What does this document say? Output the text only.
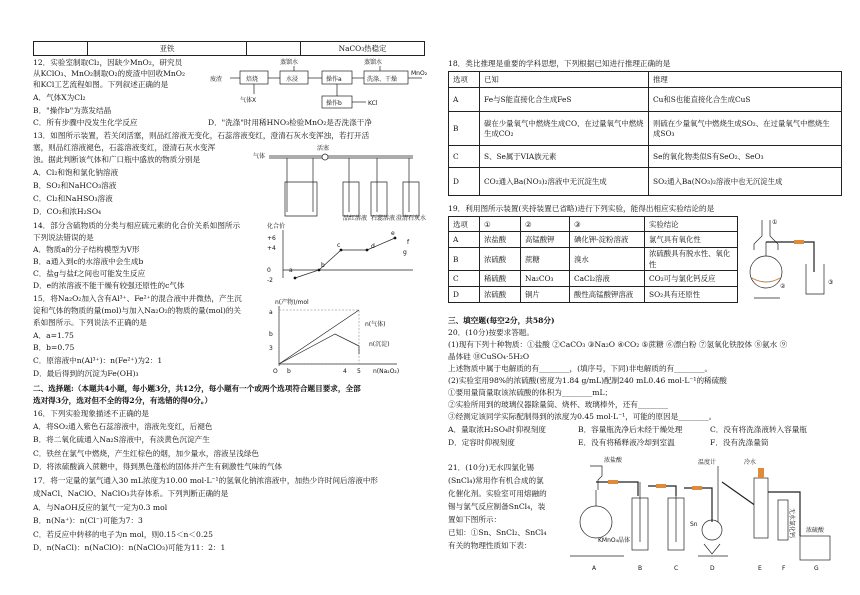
	亚铁		NaCO₃热稳定
12．实验室制取Cl₂，因缺少MnO₂，研究员
从KClO₃、MnO₂制取O₂的废渣中回收MnO₂
和KCl工艺流程如图。下列叙述正确的是
A．气体X为Cl₂
B．"操作b"为蒸发结晶
C．所有步骤中没发生化学反应	D．"洗涤"时用稀HNO₃检验MnO₂是否洗涤干净
废渣	焙烧	水浸	操作a	洗涤、干燥
MnO₂
蒸馏水	蒸馏水
气体X	操作b	KCl
13．如图所示装置，若关闭活塞，则品红溶液无变化，石蕊溶液变红，澄清石灰水变浑浊，若打开活
塞，则品红溶液褪色，石蕊溶液变红，澄清石灰水变浑
浊。据此判断该气体和广口瓶中盛放的物质分别是
A．Cl₂和饱和氯化钠溶液
B．SO₂和NaHCO₃溶液
C．Cl₂和NaHSO₃溶液
D．CO₂和浓H₂SO₄
气体
活塞
品红溶液 石蕊溶液 澄清石灰水
14．部分含硫物质的分类与相应硫元素的化合价关系如图所示
下列说法错误的是
A．物质a的分子结构模型为V形
B．a通入到c的水溶液中会生成b
C．盐g与盐f之间也可能发生反应
D．e的浓溶液不能干燥有较强还原性的c气体
化合价
+6
+4
0
-2
a
b
c	d
e
f
g
15．将Na₂O₂加入含有Al³⁺、Fe²⁺的混合液中并微热，产生沉
淀和气体的物质的量(mol)与加入Na₂O₂的物质的量(mol)的关
系如图所示。下列说法不正确的是
A．a=1.75
B．b=0.75
C．原溶液中n(Al³⁺)：n(Fe²⁺)为2：1
D．最后得到的沉淀为Fe(OH)₃
n(产物)/mol
a
b
3
O b	4 5 n(Na₂O₂)
n(气体)
n(沉淀)
二、选择题:（本题共4小题，每小题3分，共12分，每小题有一个或两个选项符合题目要求，全部
选对得3分，选对但不全的得2分，有选错的得0分。）
16．下列实验现象描述不正确的是
A．将SO₂通入紫色石蕊溶液中，溶液先变红，后褪色
B．将二氧化硫通入Na₂S溶液中，有淡黄色沉淀产生
C．铁丝在氯气中燃烧，产生红棕色的烟，加少量水，溶液呈浅绿色
D．将浓硫酸滴入蔗糖中，得到黑色蓬松的固体并产生有刺激性气味的气体
17．将一定量的氯气通入30 mL浓度为10.00 mol·L⁻¹的氢氧化钠浓溶液中，加热少许时间后溶液中形
成NaCl、NaClO、NaClO₃共存体系。下列判断正确的是
A．与NaOH反应的氯气一定为0.3 mol
B．n(Na⁺)：n(Cl⁻)可能为7：3
C．若反应中转移的电子为n mol，则0.15＜n＜0.25
D．n(NaCl)：n(NaClO)：n(NaClO₃)可能为11：2：1
18．类比推理是重要的学科思想，下列根据已知进行推理正确的是
选项	已知	推理
A	Fe与S能直接化合生成FeS	Cu和S也能直接化合生成CuS
B	碳在少量氧气中燃烧生成CO、在过量氧气中燃烧生成CO₂	则硫在少量氧气中燃烧生成SO₂、在过量氧气中燃烧生成SO₃
C	S、Se属于VIA族元素	Se的氧化物类似S有SeO₂、SeO₃
D	CO₂通入Ba(NO₃)₂溶液中无沉淀生成	SO₂通入Ba(NO₃)₂溶液中也无沉淀生成
19．利用图所示装置(夹持装置已省略)进行下列实验，能得出相应实验结论的是
选项	①	②	③	实验结论
A	浓盐酸	高锰酸钾	碘化钾-淀粉溶液	氯气具有氧化性
B	浓硫酸	蔗糖	溴水	浓硫酸具有脱水性、氧化性
C	稀硫酸	Na₂CO₃	CaCl₂溶液	CO₂可与氯化钙反应
D	浓硫酸	铜片	酸性高锰酸钾溶液	SO₂具有还原性
①
②
③
三、填空题(每空2分，共58分)
20．(10分)按要求答题。
(1)现有下列十种物质：①盐酸 ②CaCO₃ ③Na₂O ④CO₂ ⑤蔗糖 ⑥漂白粉 ⑦氢氧化铁胶体 ⑧氨水 ⑨
晶体硅 ⑩CuSO₄·5H₂O
上述物质中属于电解质的有________，(填序号，下同)非电解质的有________。
(2)实验室用98%的浓硫酸(密度为1.84 g/mL)配制240 mL0.46 mol·L⁻¹的稀硫酸
①要用量筒量取该浓硫酸的体积为________mL；
②实验所用到的玻璃仪器除量筒、烧杯、玻璃棒外，还有________
③经测定该同学实际配制得到的浓度为0.45 mol·L⁻¹，可能的原因是________。
A．量取浓H₂SO₄时仰视刻度	B．容量瓶洗净后未经干燥处理	C．没有将洗涤液转入容量瓶
D．定容时仰视刻度	E．没有将稀释液冷却到室温	F．没有洗涤量筒
21．(10分)无水四氯化锡
(SnCl₄)常用作有机合成的氯
化催化剂。实验室可用熔融的
锡与氯气反应制备SnCl₄，装
置如下图所示：
已知：①Sn、SnCl₂、SnCl₄
有关的物理性质如下表：
浓盐酸
KMnO₄晶体
温度计
Sn
冷水
无水氯化钙 浓硫酸
A	B	C	D	E	F	G
